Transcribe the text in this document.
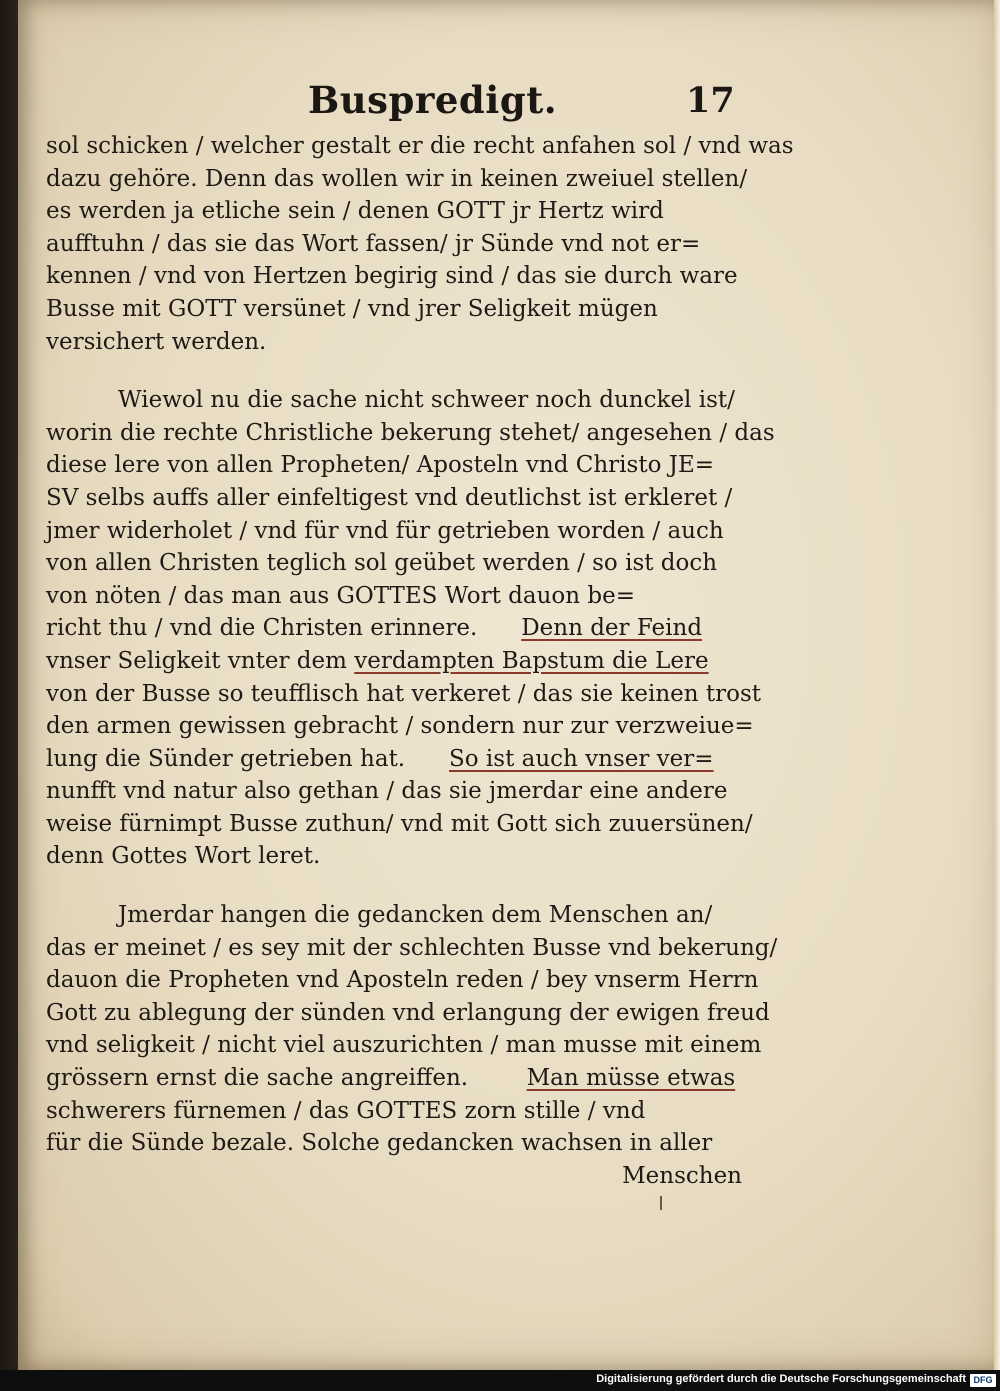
Buspredigt.	17
sol schicken / welcher gestalt er die recht anfahen sol / vnd was
dazu gehöre. Denn das wollen wir in keinen zweiuel stellen/
es werden ja etliche sein / denen GOTT jr Hertz wird
aufftuhn / das sie das Wort fassen/ jr Sünde vnd not er=
kennen / vnd von Hertzen begirig sind / das sie durch ware
Busse mit GOTT versünet / vnd jrer Seligkeit mügen
versichert werden.
Wiewol nu die sache nicht schweer noch dunckel ist/
worin die rechte Christliche bekerung stehet/ angesehen / das
diese lere von allen Propheten/ Aposteln vnd Christo JE=
SV selbs auffs aller einfeltigest vnd deutlichst ist erkleret /
jmer widerholet / vnd für vnd für getrieben worden / auch
von allen Christen teglich sol geübet werden / so ist doch
von nöten / das man aus GOTTES Wort dauon be=
richt thu / vnd die Christen erinnere. Denn der Feind
vnser Seligkeit vnter dem verdampten Bapstum die Lere
von der Busse so teufflisch hat verkeret / das sie keinen trost
den armen gewissen gebracht / sondern nur zur verzweiue=
lung die Sünder getrieben hat. So ist auch vnser ver=
nunfft vnd natur also gethan / das sie jmerdar eine andere
weise fürnimpt Busse zuthun/ vnd mit Gott sich zuuersünen/
denn Gottes Wort leret.
Jmerdar hangen die gedancken dem Menschen an/
das er meinet / es sey mit der schlechten Busse vnd bekerung/
dauon die Propheten vnd Aposteln reden / bey vnserm Herrn
Gott zu ablegung der sünden vnd erlangung der ewigen freud
vnd seligkeit / nicht viel auszurichten / man musse mit einem
grössern ernst die sache angreiffen.	Man müsse etwas
schwerers fürnemen / das GOTTES zorn stille / vnd
für die Sünde bezale. Solche gedancken wachsen in aller
Menschen
Digitalisierung gefördert durch die Deutsche Forschungsgemeinschaft DFG
